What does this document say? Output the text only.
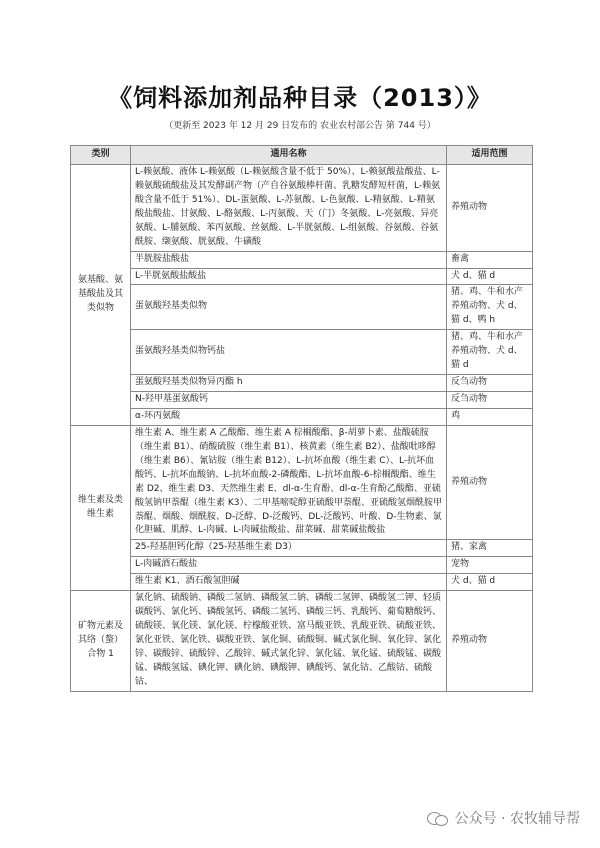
《饲料添加剂品种目录（2013）》
（更新至 2023 年 12 月 29 日发布的 农业农村部公告 第 744 号）
类别	通用名称	适用范围
氨基酸、氨基酸盐及其类似物	L-赖氨酸、液体 L-赖氨酸（L-赖氨酸含量不低于 50%）、L-赖氨酸盐酸盐、L-赖氨酸硫酸盐及其发酵副产物（产自谷氨酸棒杆菌、乳糖发酵短杆菌，L-赖氨酸含量不低于 51%）、DL-蛋氨酸、L-苏氨酸、L-色氨酸、L-精氨酸、L-精氨酸盐酸盐、甘氨酸、L-酪氨酸、L-丙氨酸、天（门）冬氨酸、L-亮氨酸、异亮氨酸、L-脯氨酸、苯丙氨酸、丝氨酸、L-半胱氨酸、L-组氨酸、谷氨酸、谷氨酰胺、缬氨酸、胱氨酸、牛磺酸	养殖动物
	半胱胺盐酸盐	畜禽
	L-半胱氨酸盐酸盐	犬 d、猫 d
	蛋氨酸羟基类似物	猪、鸡、牛和水产养殖动物、犬 d、猫 d、鸭 h
	蛋氨酸羟基类似物钙盐	猪、鸡、牛和水产养殖动物、犬 d、猫 d
	蛋氨酸羟基类似物异丙酯 h	反刍动物
	N-羟甲基蛋氨酸钙	反刍动物
	α-环丙氨酸	鸡
维生素及类维生素	维生素 A、维生素 A 乙酸酯、维生素 A 棕榈酸酯、β-胡萝卜素、盐酸硫胺（维生素 B1）、硝酸硫胺（维生素 B1）、核黄素（维生素 B2）、盐酸吡哆醇（维生素 B6）、氰钴胺（维生素 B12）、L-抗坏血酸（维生素 C）、L-抗坏血酸钙、L-抗坏血酸钠、L-抗坏血酸-2-磷酸酯、L-抗坏血酸-6-棕榈酸酯、维生素 D2、维生素 D3、天然维生素 E、dl-α-生育酚、dl-α-生育酚乙酸酯、亚硫酸氢钠甲萘醌（维生素 K3）、二甲基嘧啶醇亚硫酸甲萘醌、亚硫酸氢烟酰胺甲萘醌、烟酸、烟酰胺、D-泛醇、D-泛酸钙、DL-泛酸钙、叶酸、D-生物素、氯化胆碱、肌醇、L-肉碱、L-肉碱盐酸盐、甜菜碱、甜菜碱盐酸盐	养殖动物
	25-羟基胆钙化醇（25-羟基维生素 D3）	猪、家禽
	L-肉碱酒石酸盐	宠物
	维生素 K1、酒石酸氢胆碱	犬 d、猫 d
矿物元素及其络（螯）合物 1	氯化钠、硫酸钠、磷酸二氢钠、磷酸氢二钠、磷酸二氢钾、磷酸氢二钾、轻质碳酸钙、氯化钙、磷酸氢钙、磷酸二氢钙、磷酸三钙、乳酸钙、葡萄糖酸钙、硫酸镁、氧化镁、氯化镁、柠檬酸亚铁、富马酸亚铁、乳酸亚铁、硫酸亚铁、氯化亚铁、氯化铁、碳酸亚铁、氯化铜、硫酸铜、碱式氯化铜、氧化锌、氯化锌、碳酸锌、硫酸锌、乙酸锌、碱式氯化锌、氯化锰、氧化锰、硫酸锰、碳酸锰、磷酸氢锰、碘化钾、碘化钠、碘酸钾、碘酸钙、氯化钴、乙酸钴、硫酸钴、	养殖动物
公众号 · 农牧辅导帮
